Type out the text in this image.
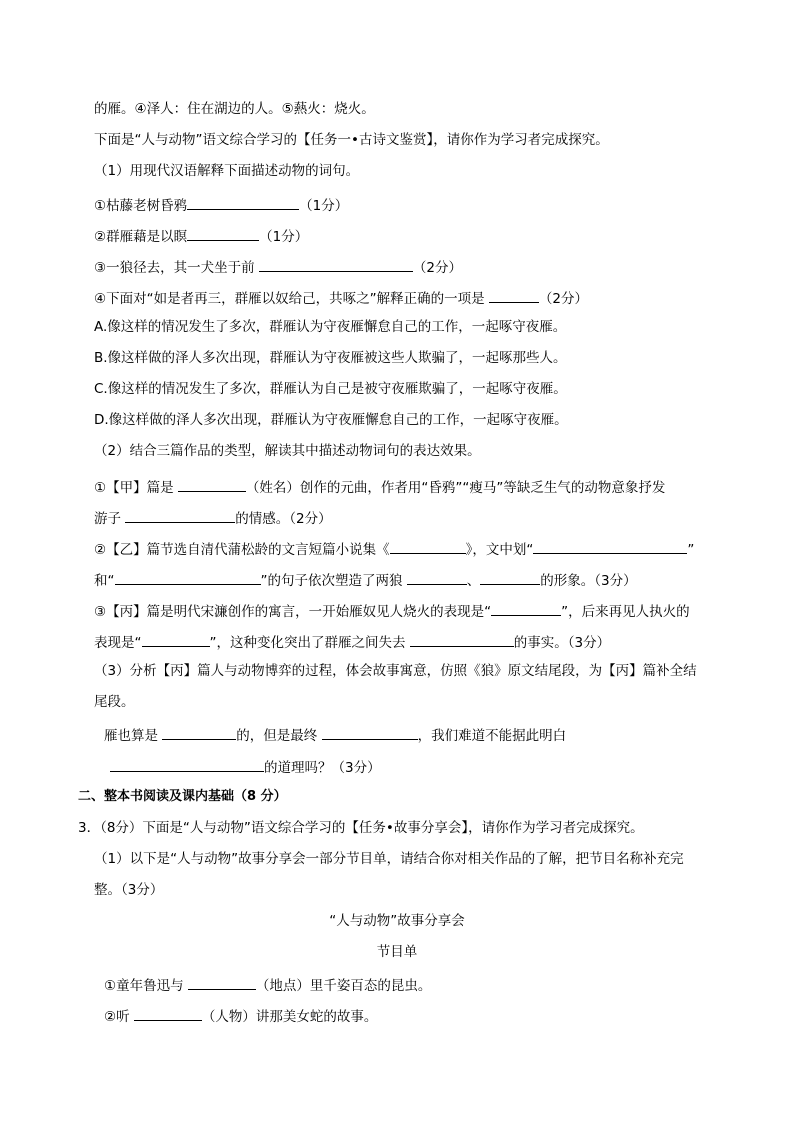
的雁。④泽人：住在湖边的人。⑤爇火：烧火。
下面是“人与动物”语文综合学习的【任务一•古诗文鉴赏】，请你作为学习者完成探究。
（1）用现代汉语解释下面描述动物的词句。
①枯藤老树昏鸦	（1分）
②群雁藉是以瞑	（1分）
③一狼径去，其一犬坐于前	（2分）
④下面对“如是者再三，群雁以奴给己，共啄之”解释正确的一项是	（2分）
A.像这样的情况发生了多次，群雁认为守夜雁懈怠自己的工作，一起啄守夜雁。
B.像这样做的泽人多次出现，群雁认为守夜雁被这些人欺骗了，一起啄那些人。
C.像这样的情况发生了多次，群雁认为自己是被守夜雁欺骗了，一起啄守夜雁。
D.像这样做的泽人多次出现，群雁认为守夜雁懈怠自己的工作，一起啄守夜雁。
（2）结合三篇作品的类型，解读其中描述动物词句的表达效果。
①【甲】篇是	（姓名）创作的元曲，作者用“昏鸦”“瘦马”等缺乏生气的动物意象抒发
游子	的情感。（2分）
②【乙】篇节选自清代蒲松龄的文言短篇小说集《	》，文中划“	”
和“	”的句子依次塑造了两狼	、	的形象。（3分）
③【丙】篇是明代宋濂创作的寓言，一开始雁奴见人烧火的表现是“	”，后来再见人执火的
表现是“	”，这种变化突出了群雁之间失去	的事实。（3分）
（3）分析【丙】篇人与动物博弈的过程，体会故事寓意，仿照《狼》原文结尾段，为【丙】篇补全结
尾段。
雁也算是	的，但是最终	，我们难道不能据此明白
的道理吗？（3分）
二、整本书阅读及课内基础（8 分）
3．（8分）下面是“人与动物”语文综合学习的【任务•故事分享会】，请你作为学习者完成探究。
（1）以下是“人与动物”故事分享会一部分节目单，请结合你对相关作品的了解，把节目名称补充完
整。（3分）
“人与动物”故事分享会
节目单
①童年鲁迅与	（地点）里千姿百态的昆虫。
②听	（人物）讲那美女蛇的故事。
